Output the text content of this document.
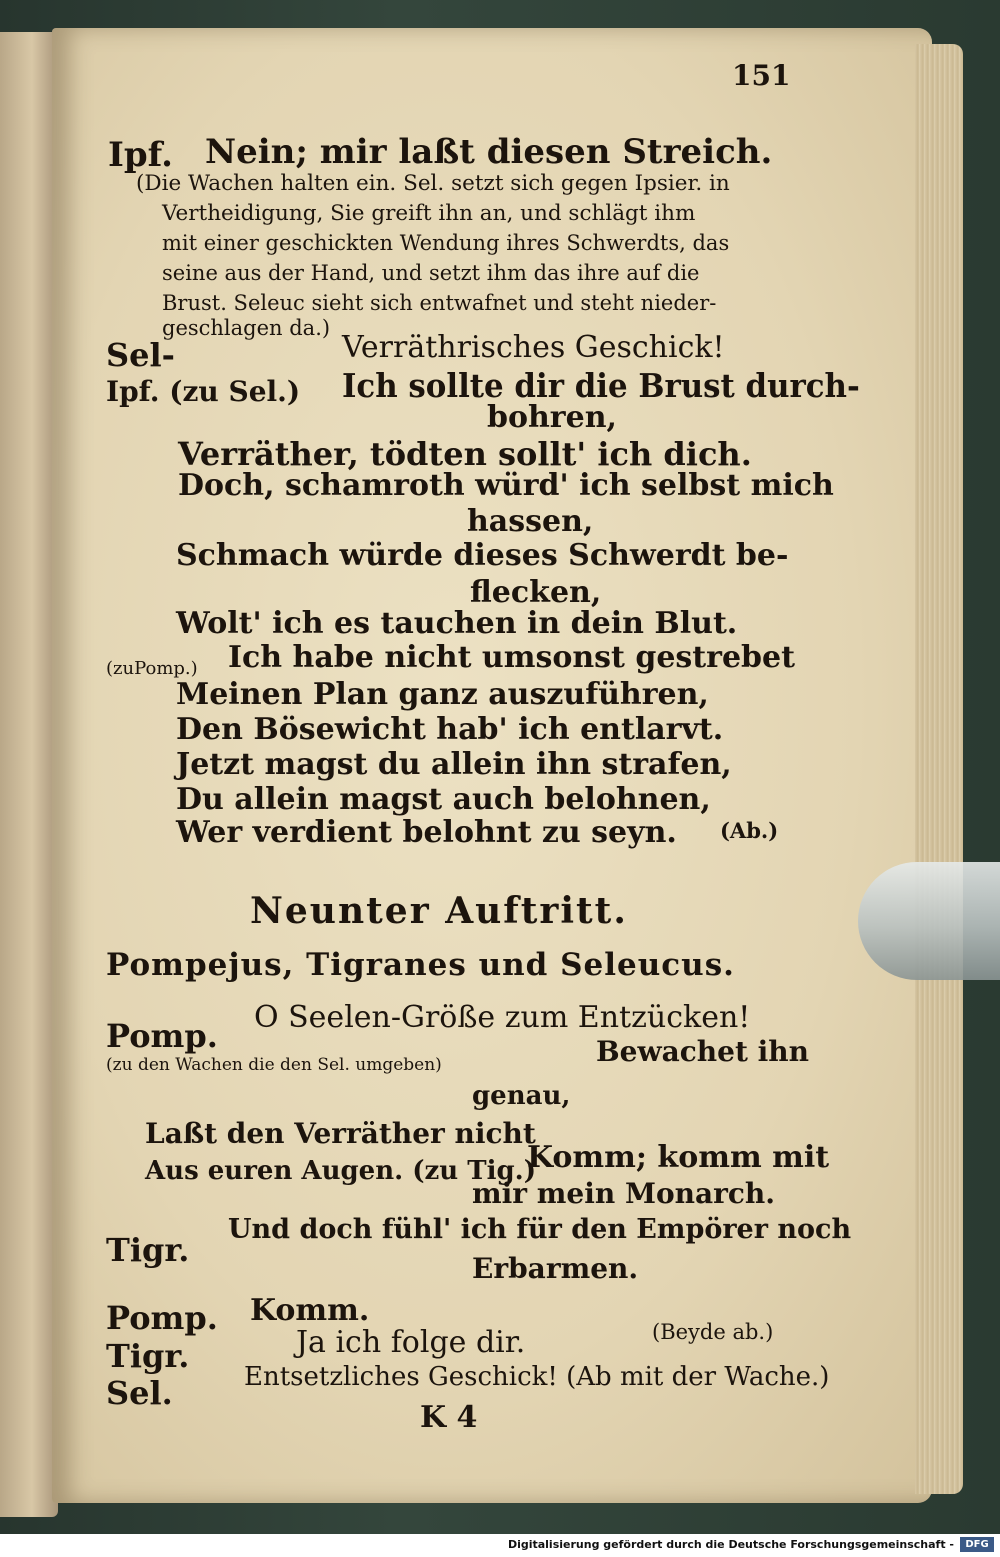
151
Ipf. Nein; mir laßt diesen Streich.
(Die Wachen halten ein. Sel. setzt sich gegen Ipsier. in
Vertheidigung, Sie greift ihn an, und schlägt ihm
mit einer geschickten Wendung ihres Schwerdts, das
seine aus der Hand, und setzt ihm das ihre auf die
Brust. Seleuc sieht sich entwafnet und steht nieder-
geschlagen da.)
Sel-	Verräthrisches Geschick!
Ipf. (zu Sel.) Ich sollte dir die Brust durch-
bohren,
Verräther, tödten sollt' ich dich.
Doch, schamroth würd' ich selbst mich
hassen,
Schmach würde dieses Schwerdt be-
flecken,
Wolt' ich es tauchen in dein Blut.
(zuPomp.) Ich habe nicht umsonst gestrebet
Meinen Plan ganz auszuführen,
Den Bösewicht hab' ich entlarvt.
Jetzt magst du allein ihn strafen,
Du allein magst auch belohnen,
Wer verdient belohnt zu seyn. (Ab.)
Neunter Auftritt.
Pompejus, Tigranes und Seleucus.
Pomp. O Seelen-Größe zum Entzücken!
(zu den Wachen die den Sel. umgeben)	Bewachet ihn
genau,
Laßt den Verräther nicht
Aus euren Augen. (zu Tig.)
Komm; komm mit
mir mein Monarch.
Tigr.
Und doch fühl' ich für den Empörer noch
Erbarmen.
Pomp. Komm.
Tigr.	Ja ich folge dir.	(Beyde ab.)
Sel.	Entsetzliches Geschick! (Ab mit der Wache.)
K 4
Digitalisierung gefördert durch die Deutsche Forschungsgemeinschaft -	DFG
